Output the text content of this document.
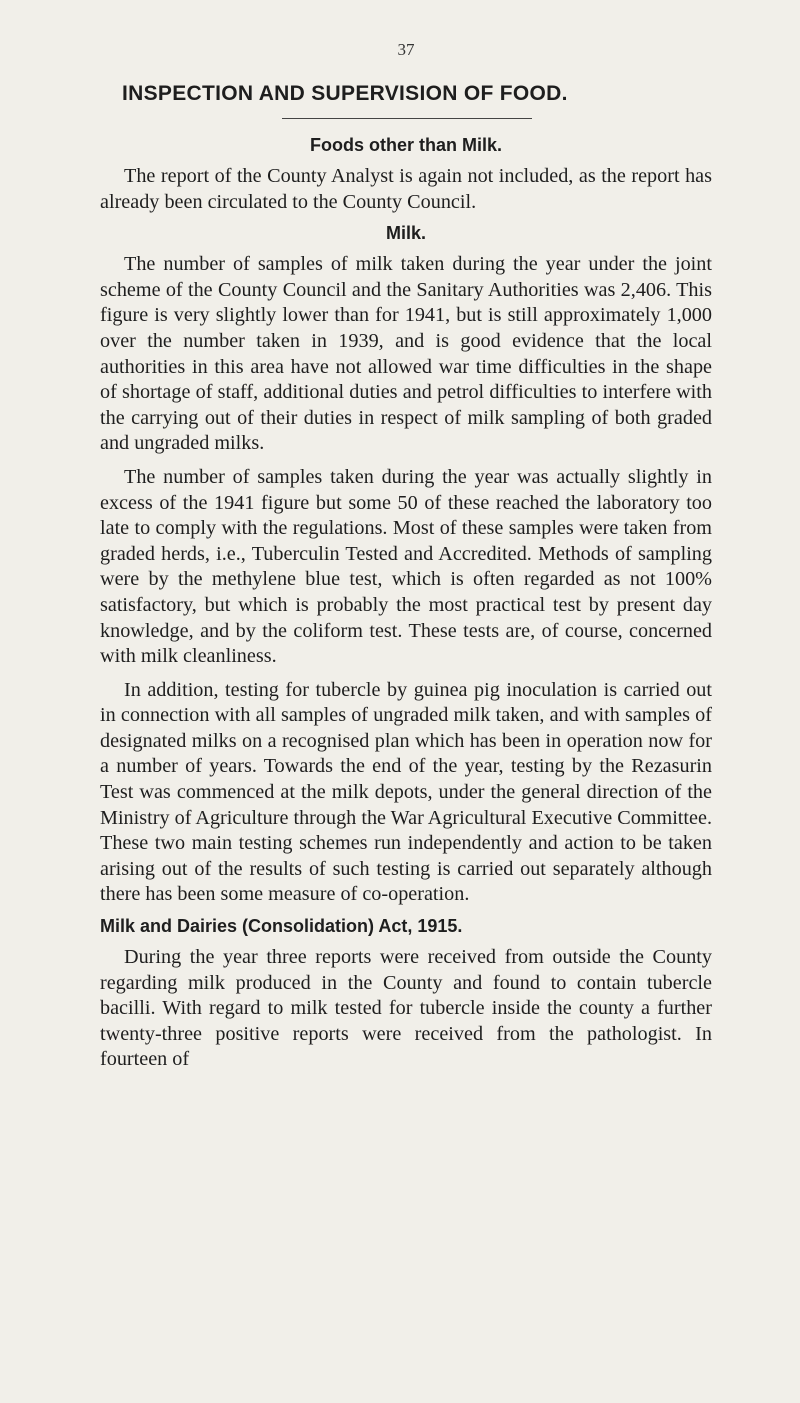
37
INSPECTION AND SUPERVISION OF FOOD.
Foods other than Milk.

The report of the County Analyst is again not included, as the report has already been circulated to the County Council.

Milk.

The number of samples of milk taken during the year under the joint scheme of the County Council and the Sanitary Authorities was 2,406. This figure is very slightly lower than for 1941, but is still approximately 1,000 over the number taken in 1939, and is good evidence that the local authorities in this area have not allowed war time difficulties in the shape of shortage of staff, additional duties and petrol difficulties to interfere with the carrying out of their duties in respect of milk sampling of both graded and ungraded milks.

The number of samples taken during the year was actually slightly in excess of the 1941 figure but some 50 of these reached the laboratory too late to comply with the regulations. Most of these samples were taken from graded herds, i.e., Tuberculin Tested and Accredited. Methods of sampling were by the methylene blue test, which is often regarded as not 100% satisfactory, but which is probably the most practical test by present day knowledge, and by the coliform test. These tests are, of course, concerned with milk cleanliness.

In addition, testing for tubercle by guinea pig inoculation is carried out in connection with all samples of ungraded milk taken, and with samples of designated milks on a recognised plan which has been in operation now for a number of years. Towards the end of the year, testing by the Rezasurin Test was commenced at the milk depots, under the general direction of the Ministry of Agriculture through the War Agricultural Executive Committee. These two main testing schemes run independently and action to be taken arising out of the results of such testing is carried out separately although there has been some measure of co-operation.

Milk and Dairies (Consolidation) Act, 1915.

During the year three reports were received from outside the County regarding milk produced in the County and found to contain tubercle bacilli. With regard to milk tested for tubercle inside the county a further twenty-three positive reports were received from the pathologist. In fourteen of
